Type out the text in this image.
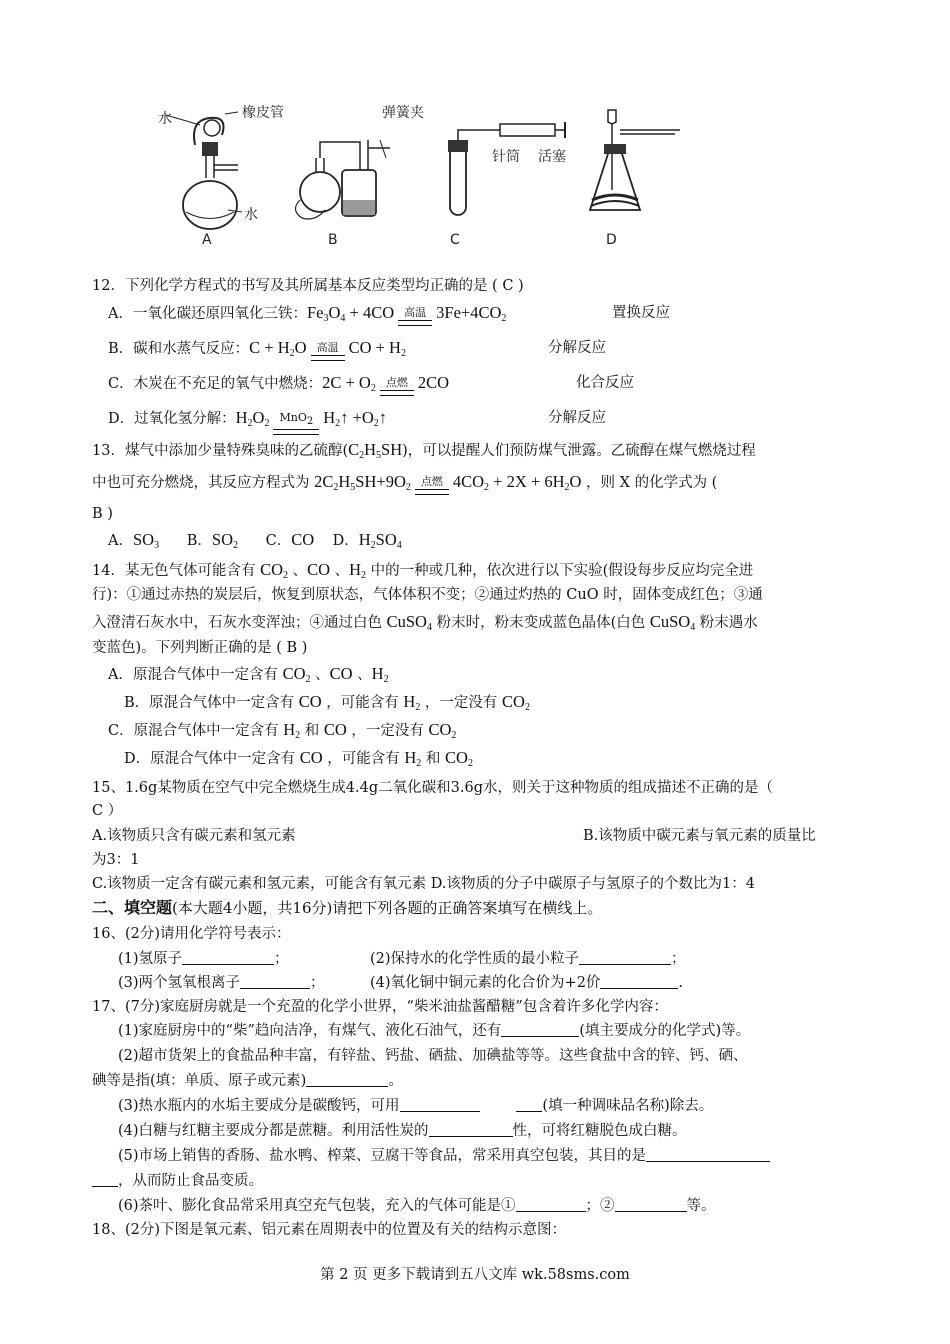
水	橡皮管
水
A
弹簧夹
B
针筒 活塞
C	D
12．下列化学方程式的书写及其所属基本反应类型均正确的是 ( C )
A．一氧化碳还原四氧化三铁：$Fe_3O_4 + 4CO$ 高温 $3Fe+4CO_2$	置换反应
B．碳和水蒸气反应：$C + H_2O$ 高温 CO + $H_2$	分解反应
C．木炭在不充足的氧气中燃烧：$2C + O_2$ 点燃 2CO	化合反应
D．过氧化氢分解：$H_2O_2$ MnO$_2$ $H_2↑$ $+O_2↑$	分解反应
13．煤气中添加少量特殊臭味的乙硫醇$(C_2H_5SH)$，可以提醒人们预防煤气泄露。乙硫醇在煤气燃烧过程
中也可充分燃烧，其反应方程式为 $2C_2H_5SH+9O_2$ 点燃 $4CO_2 + 2X + 6H_2O$ ，则 X 的化学式为 (
B )
A．$SO_3$      B．$SO_2$      C．CO    D．$H_2SO_4$
14．某无色气体可能含有 $CO_2$ 、CO 、$H_2$ 中的一种或几种，依次进行以下实验(假设每步反应均完全进
行)：①通过赤热的炭层后，恢复到原状态，气体体积不变；②通过灼热的 CuO 时，固体变成红色；③通
入澄清石灰水中，石灰水变浑浊；④通过白色 CuSO$_4$ 粉末时，粉末变成蓝色晶体(白色 CuSO$_4$ 粉末遇水
变蓝色)。下列判断正确的是 ( B )
A．原混合气体中一定含有 $CO_2$ 、CO 、$H_2$
B．原混合气体中一定含有 CO ，可能含有 $H_2$ ，一定没有 $CO_2$
C．原混合气体中一定含有 $H_2$ 和 CO ，一定没有 $CO_2$
D．原混合气体中一定含有 CO ，可能含有 $H_2$ 和 $CO_2$
15、1.6g某物质在空气中完全燃烧生成4.4g二氧化碳和3.6g水，则关于这种物质的组成描述不正确的是（
C ）
A.该物质只含有碳元素和氢元素	B.该物质中碳元素与氧元素的质量比
为3：1
C.该物质一定含有碳元素和氢元素，可能含有氧元素 D.该物质的分子中碳原子与氢原子的个数比为1：4
二、填空题(本大题4小题，共16分)请把下列各题的正确答案填写在横线上。
16、(2分)请用化学符号表示：
(1)氢原子	；	(2)保持水的化学性质的最小粒子	；
(3)两个氢氧根离子	；	(4)氧化铜中铜元素的化合价为+2价	.
17、(7分)家庭厨房就是一个充盈的化学小世界，“柴米油盐酱醋糖”包含着许多化学内容：
(1)家庭厨房中的“柴”趋向洁净，有煤气、液化石油气，还有	(填主要成分的化学式)等。
(2)超市货架上的食盐品种丰富，有锌盐、钙盐、硒盐、加碘盐等等。这些食盐中含的锌、钙、硒、
碘等是指(填：单质、原子或元素)	。
(3)热水瓶内的水垢主要成分是碳酸钙，可用	(填一种调味品名称)除去。
(4)白糖与红糖主要成分都是蔗糖。利用活性炭的	性，可将红糖脱色成白糖。
(5)市场上销售的香肠、盐水鸭、榨菜、豆腐干等食品，常采用真空包装，其目的是
，从而防止食品变质。
(6)茶叶、膨化食品常采用真空充气包装，充入的气体可能是①	；②	等。
18、(2分)下图是氧元素、铝元素在周期表中的位置及有关的结构示意图：
第 2 页 更多下载请到五八文库 wk.58sms.com
